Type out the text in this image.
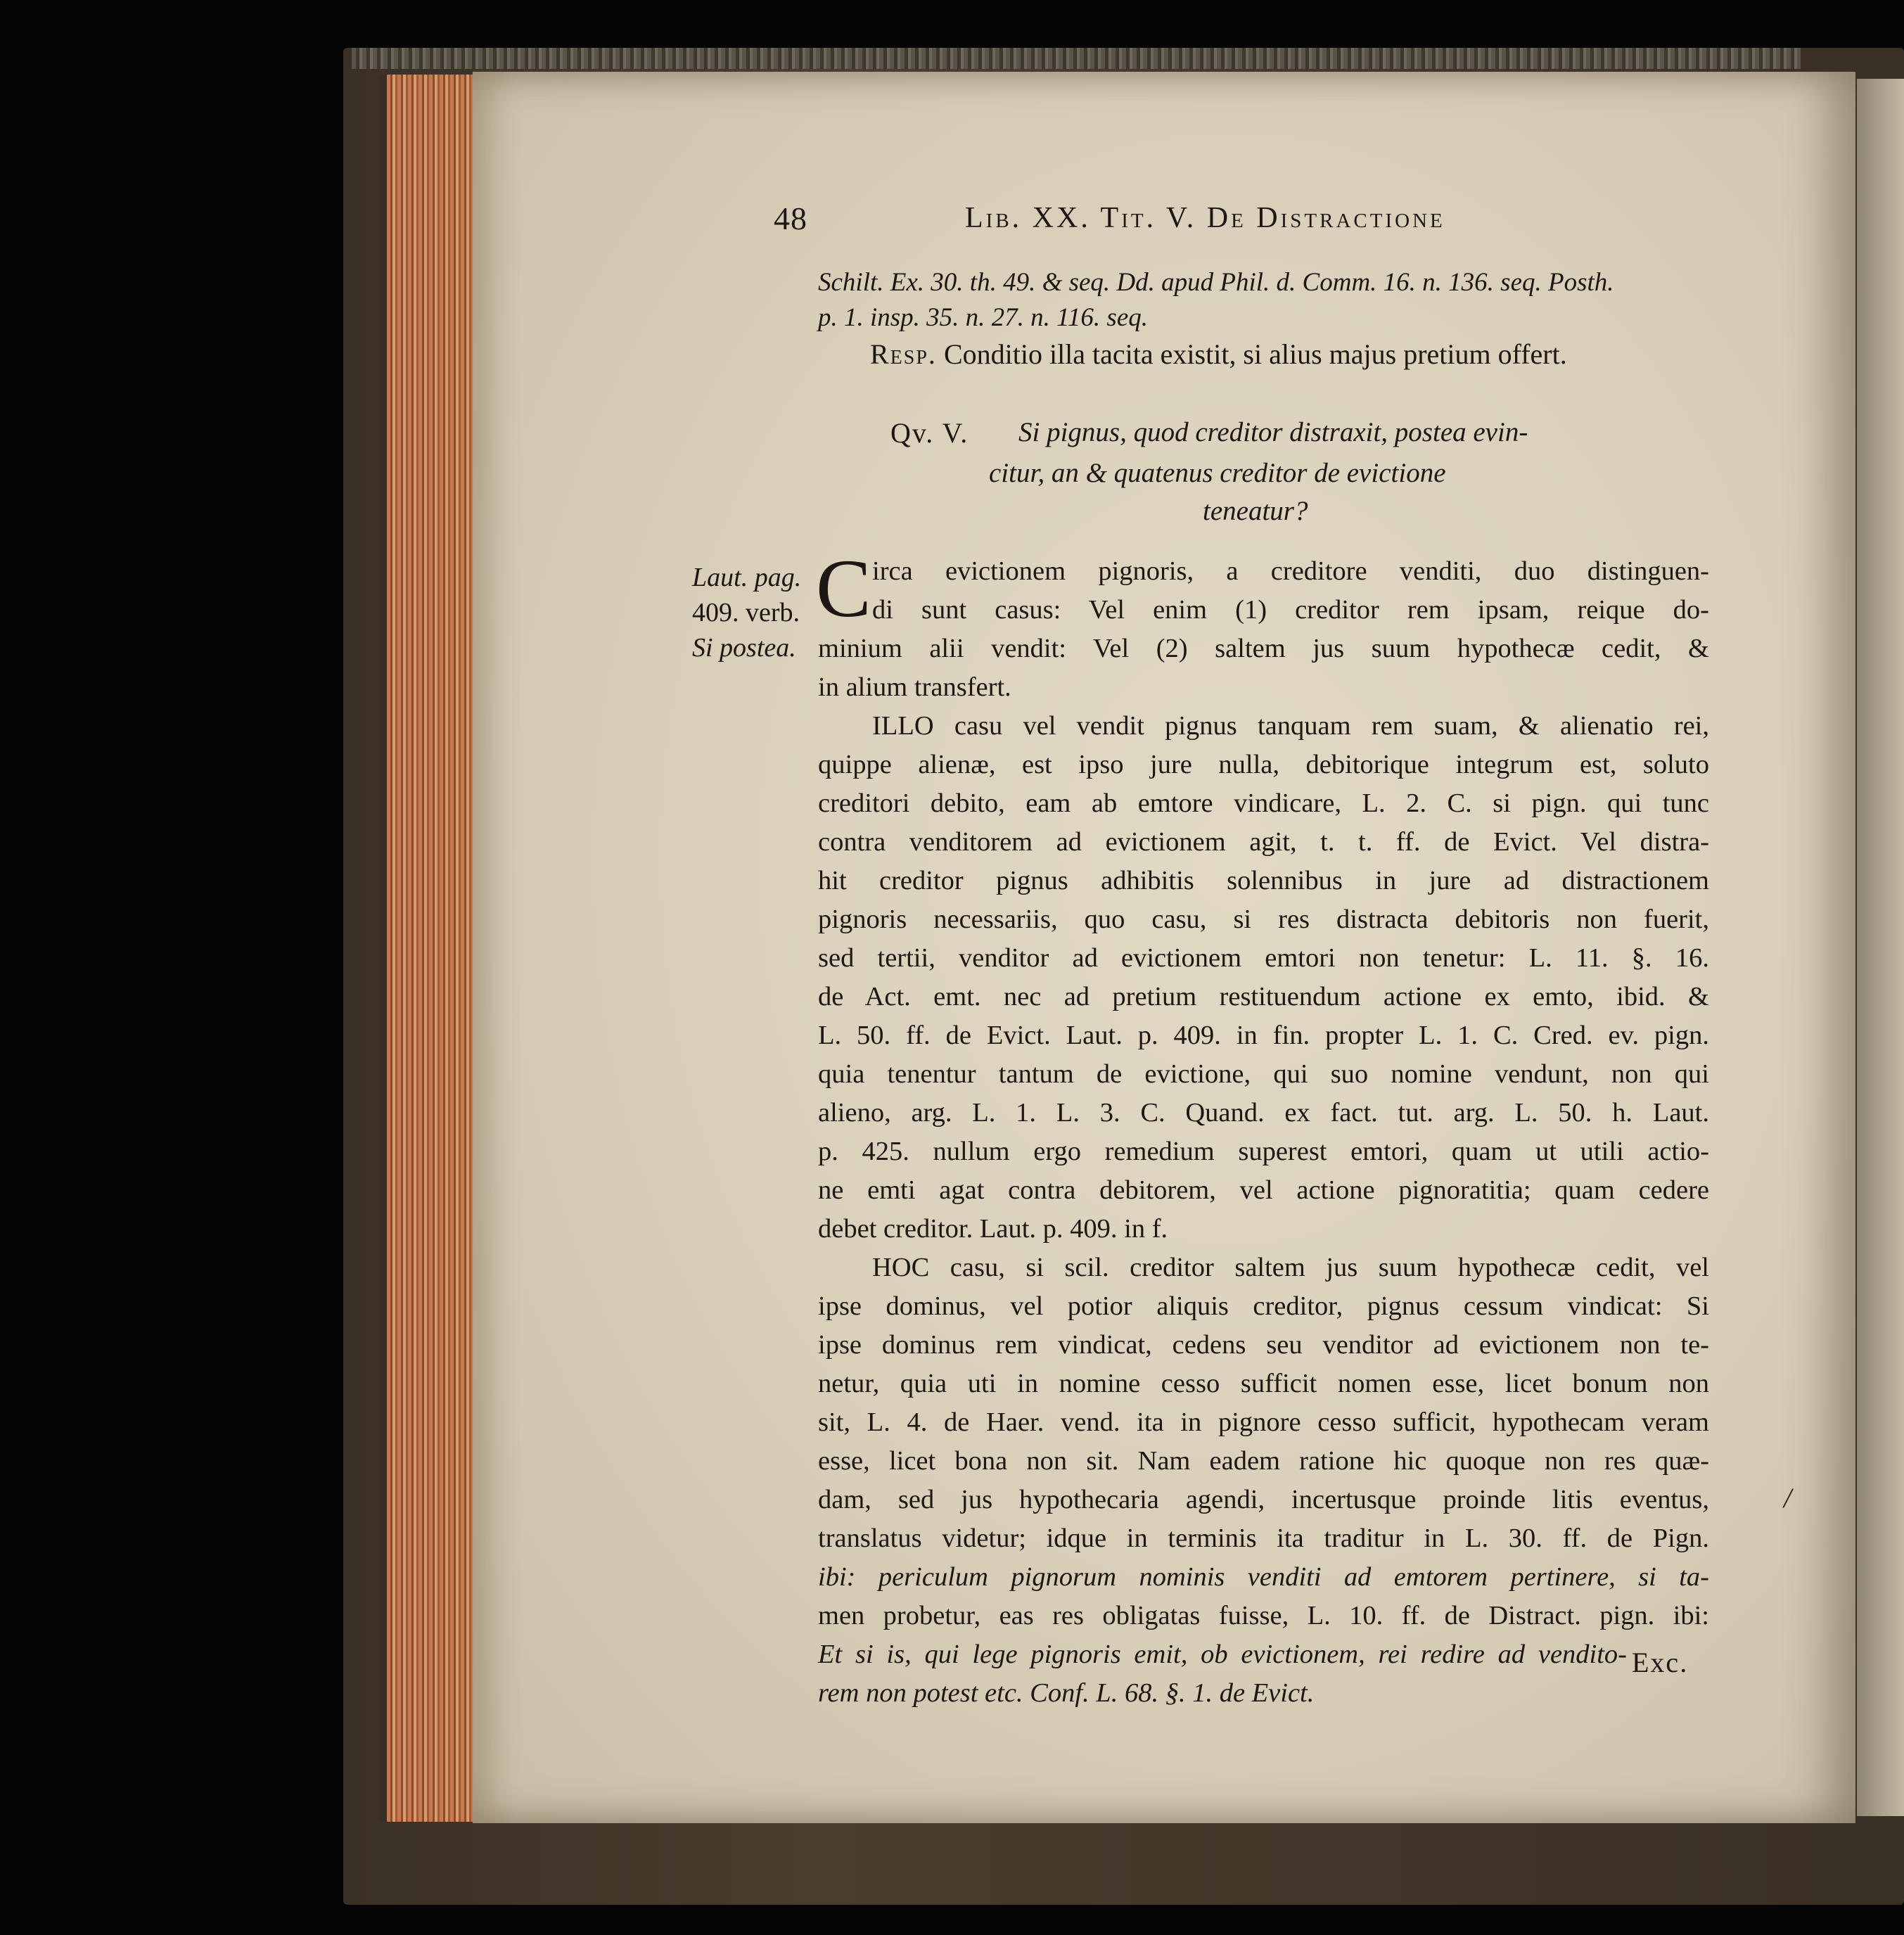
48	Lib. XX. Tit. V. De Distractione
Schilt. Ex. 30. th. 49. & seq. Dd. apud Phil. d. Comm. 16. n. 136. seq. Posth.
p. 1. insp. 35. n. 27. n. 116. seq.
Resp. Conditio illa tacita existit, si alius majus pretium offert.
Qv. V. Si pignus, quod creditor distraxit, postea evin-
citur, an & quatenus creditor de evictione
teneatur?
Laut. pag.
409. verb.
Si postea.
C irca evictionem pignoris, a creditore venditi, duo distinguen-
di sunt casus: Vel enim (1) creditor rem ipsam, reique do-
minium alii vendit: Vel (2) saltem jus suum hypothecæ cedit, &
in alium transfert.
ILLO casu vel vendit pignus tanquam rem suam, & alienatio rei,
quippe alienæ, est ipso jure nulla, debitorique integrum est, soluto
creditori debito, eam ab emtore vindicare, L. 2. C. si pign. qui tunc
contra venditorem ad evictionem agit, t. t. ff. de Evict. Vel distra-
hit creditor pignus adhibitis solennibus in jure ad distractionem
pignoris necessariis, quo casu, si res distracta debitoris non fuerit,
sed tertii, venditor ad evictionem emtori non tenetur: L. 11. §. 16.
de Act. emt. nec ad pretium restituendum actione ex emto, ibid. &
L. 50. ff. de Evict. Laut. p. 409. in fin. propter L. 1. C. Cred. ev. pign.
quia tenentur tantum de evictione, qui suo nomine vendunt, non qui
alieno, arg. L. 1. L. 3. C. Quand. ex fact. tut. arg. L. 50. h. Laut.
p. 425. nullum ergo remedium superest emtori, quam ut utili actio-
ne emti agat contra debitorem, vel actione pignoratitia; quam cedere
debet creditor. Laut. p. 409. in f.
HOC casu, si scil. creditor saltem jus suum hypothecæ cedit, vel
ipse dominus, vel potior aliquis creditor, pignus cessum vindicat: Si
ipse dominus rem vindicat, cedens seu venditor ad evictionem non te-
netur, quia uti in nomine cesso sufficit nomen esse, licet bonum non
sit, L. 4. de Haer. vend. ita in pignore cesso sufficit, hypothecam veram
esse, licet bona non sit. Nam eadem ratione hic quoque non res quæ-
dam, sed jus hypothecaria agendi, incertusque proinde litis eventus,
translatus videtur; idque in terminis ita traditur in L. 30. ff. de Pign.
ibi: periculum pignorum nominis venditi ad emtorem pertinere, si ta-
men probetur, eas res obligatas fuisse, L. 10. ff. de Distract. pign. ibi:
Et si is, qui lege pignoris emit, ob evictionem, rei redire ad vendito-
rem non potest etc. Conf. L. 68. §. 1. de Evict.
Exc.
/
